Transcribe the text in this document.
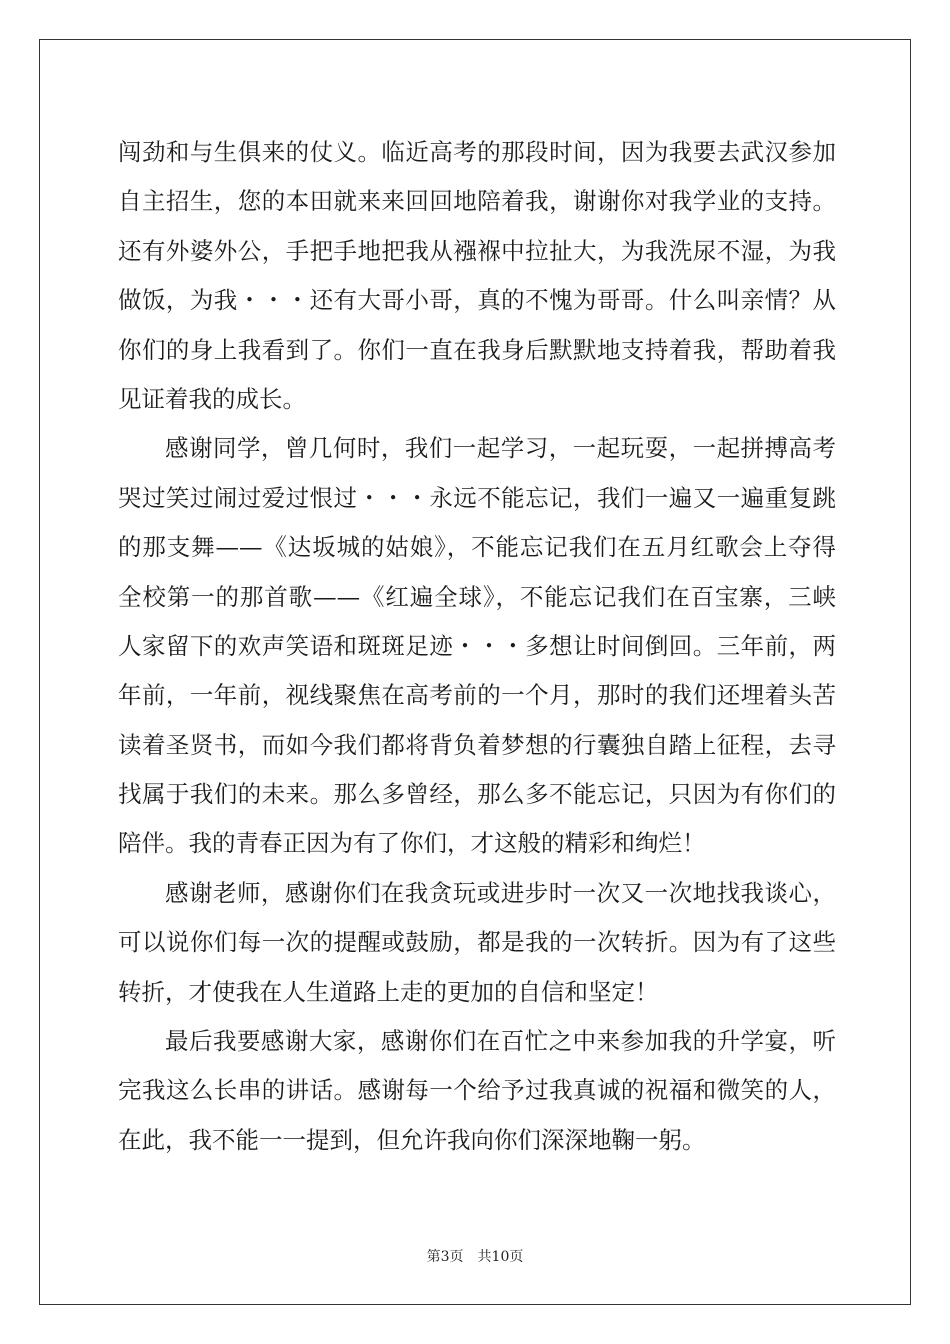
闯劲和与生俱来的仗义。临近高考的那段时间，因为我要去武汉参加
自主招生，您的本田就来来回回地陪着我，谢谢你对我学业的支持。
还有外婆外公，手把手地把我从襁褓中拉扯大，为我洗尿不湿，为我
做饭，为我・・・还有大哥小哥，真的不愧为哥哥。什么叫亲情？从
你们的身上我看到了。你们一直在我身后默默地支持着我，帮助着我
见证着我的成长。
感谢同学，曾几何时，我们一起学习，一起玩耍，一起拼搏高考
哭过笑过闹过爱过恨过・・・永远不能忘记，我们一遍又一遍重复跳
的那支舞——《达坂城的姑娘》，不能忘记我们在五月红歌会上夺得
全校第一的那首歌——《红遍全球》，不能忘记我们在百宝寨，三峡
人家留下的欢声笑语和斑斑足迹・・・多想让时间倒回。三年前，两
年前，一年前，视线聚焦在高考前的一个月，那时的我们还埋着头苦
读着圣贤书，而如今我们都将背负着梦想的行囊独自踏上征程，去寻
找属于我们的未来。那么多曾经，那么多不能忘记，只因为有你们的
陪伴。我的青春正因为有了你们，才这般的精彩和绚烂！
感谢老师，感谢你们在我贪玩或进步时一次又一次地找我谈心，
可以说你们每一次的提醒或鼓励，都是我的一次转折。因为有了这些
转折，才使我在人生道路上走的更加的自信和坚定！
最后我要感谢大家，感谢你们在百忙之中来参加我的升学宴，听
完我这么长串的讲话。感谢每一个给予过我真诚的祝福和微笑的人，
在此，我不能一一提到，但允许我向你们深深地鞠一躬。
第3页 共10页
